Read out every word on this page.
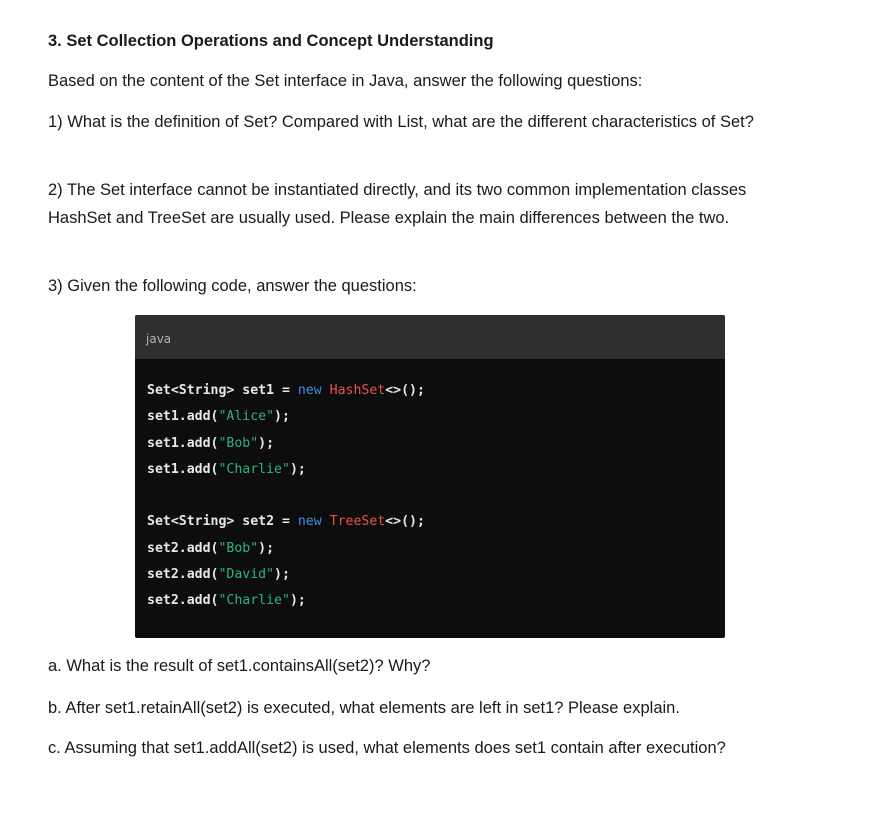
3. Set Collection Operations and Concept Understanding
Based on the content of the Set interface in Java, answer the following questions:
1) What is the definition of Set? Compared with List, what are the different characteristics of Set?
2) The Set interface cannot be instantiated directly, and its two common implementation classes HashSet and TreeSet are usually used. Please explain the main differences between the two.
3) Given the following code, answer the questions:
a. What is the result of set1.containsAll(set2)? Why?
b. After set1.retainAll(set2) is executed, what elements are left in set1? Please explain.
c. Assuming that set1.addAll(set2) is used, what elements does set1 contain after execution?
java
Set<String> set1 = new HashSet<>();
set1.add("Alice");
set1.add("Bob");
set1.add("Charlie");
Set<String> set2 = new TreeSet<>();
set2.add("Bob");
set2.add("David");
set2.add("Charlie");
